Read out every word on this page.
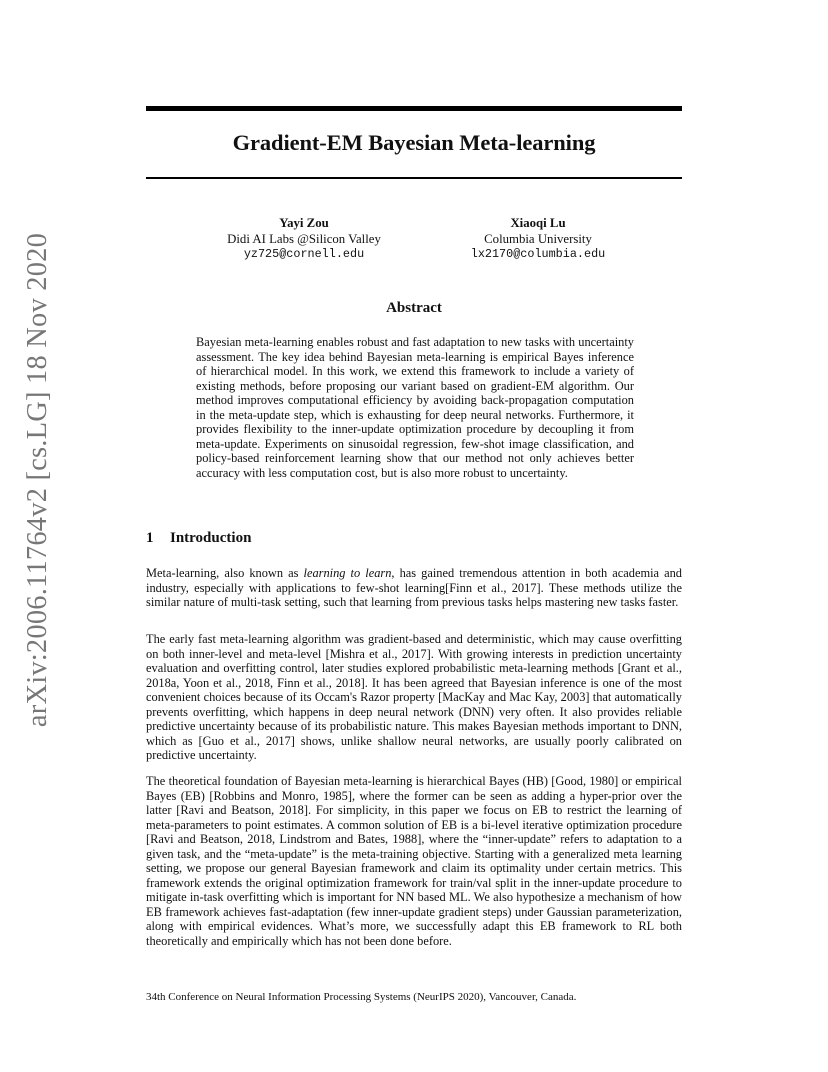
arXiv:2006.11764v2 [cs.LG] 18 Nov 2020
Gradient-EM Bayesian Meta-learning
Yayi Zou
Didi AI Labs @Silicon Valley
yz725@cornell.edu
Xiaoqi Lu
Columbia University
lx2170@columbia.edu
Abstract
Bayesian meta-learning enables robust and fast adaptation to new tasks with uncertainty assessment. The key idea behind Bayesian meta-learning is empirical Bayes inference of hierarchical model. In this work, we extend this framework to include a variety of existing methods, before proposing our variant based on gradient-EM algorithm. Our method improves computational efficiency by avoiding back-propagation computation in the meta-update step, which is exhausting for deep neural networks. Furthermore, it provides flexibility to the inner-update optimization procedure by decoupling it from meta-update. Experiments on sinusoidal regression, few-shot image classification, and policy-based reinforcement learning show that our method not only achieves better accuracy with less computation cost, but is also more robust to uncertainty.
1 Introduction
Meta-learning, also known as learning to learn, has gained tremendous attention in both academia and industry, especially with applications to few-shot learning[Finn et al., 2017]. These methods utilize the similar nature of multi-task setting, such that learning from previous tasks helps mastering new tasks faster.
The early fast meta-learning algorithm was gradient-based and deterministic, which may cause overfitting on both inner-level and meta-level [Mishra et al., 2017]. With growing interests in prediction uncertainty evaluation and overfitting control, later studies explored probabilistic meta-learning methods [Grant et al., 2018a, Yoon et al., 2018, Finn et al., 2018]. It has been agreed that Bayesian inference is one of the most convenient choices because of its Occam's Razor property [MacKay and Mac Kay, 2003] that automatically prevents overfitting, which happens in deep neural network (DNN) very often. It also provides reliable predictive uncertainty because of its probabilistic nature. This makes Bayesian methods important to DNN, which as [Guo et al., 2017] shows, unlike shallow neural networks, are usually poorly calibrated on predictive uncertainty.
The theoretical foundation of Bayesian meta-learning is hierarchical Bayes (HB) [Good, 1980] or empirical Bayes (EB) [Robbins and Monro, 1985], where the former can be seen as adding a hyper-prior over the latter [Ravi and Beatson, 2018]. For simplicity, in this paper we focus on EB to restrict the learning of meta-parameters to point estimates. A common solution of EB is a bi-level iterative optimization procedure [Ravi and Beatson, 2018, Lindstrom and Bates, 1988], where the “inner-update” refers to adaptation to a given task, and the “meta-update” is the meta-training objective. Starting with a generalized meta learning setting, we propose our general Bayesian framework and claim its optimality under certain metrics. This framework extends the original optimization framework for train/val split in the inner-update procedure to mitigate in-task overfitting which is important for NN based ML. We also hypothesize a mechanism of how EB framework achieves fast-adaptation (few inner-update gradient steps) under Gaussian parameterization, along with empirical evidences. What’s more, we successfully adapt this EB framework to RL both theoretically and empirically which has not been done before.
34th Conference on Neural Information Processing Systems (NeurIPS 2020), Vancouver, Canada.
